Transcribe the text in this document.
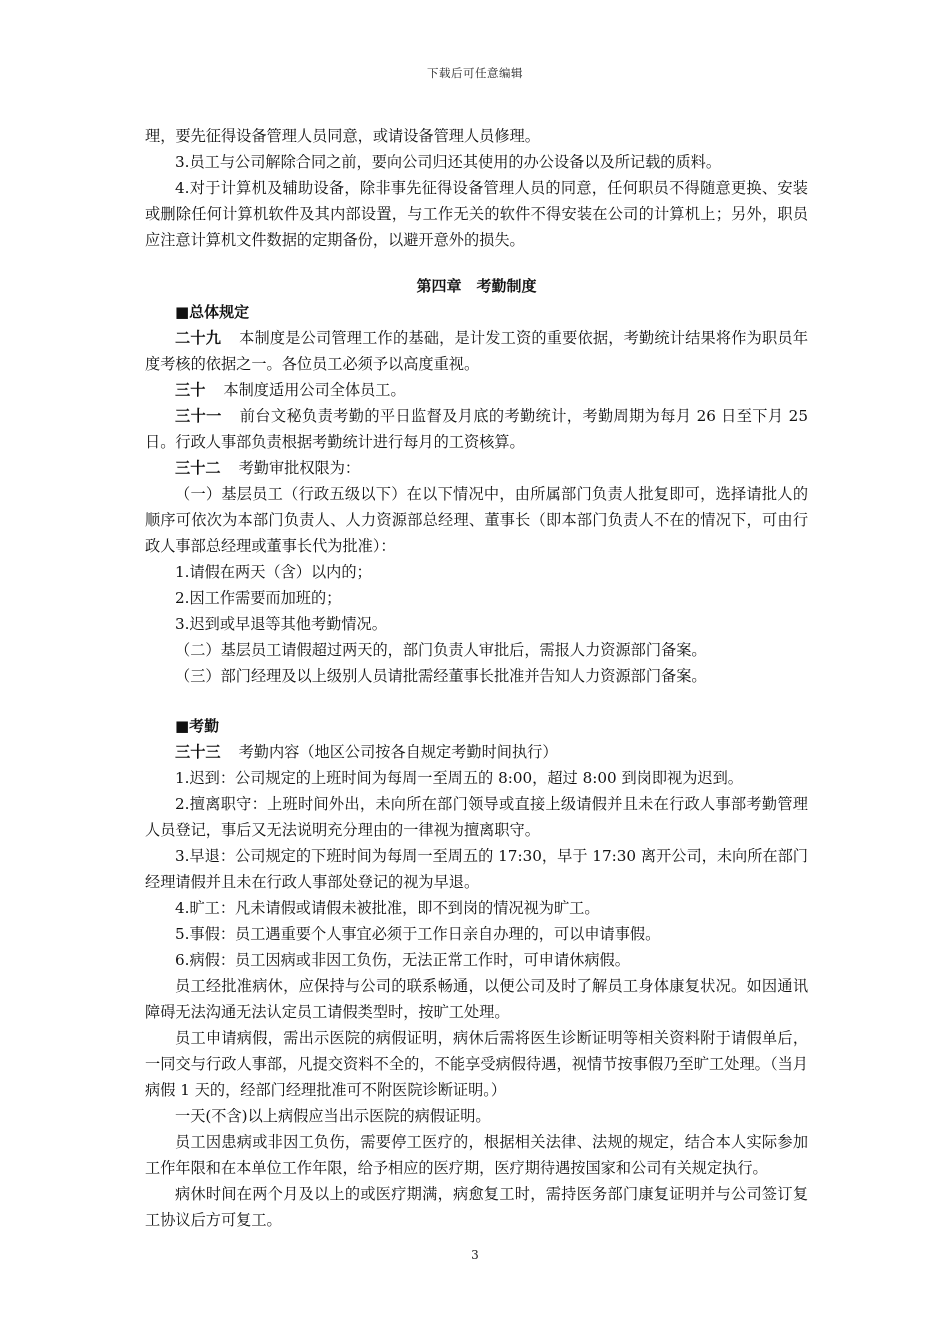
下载后可任意编辑

理，要先征得设备管理人员同意，或请设备管理人员修理。

3.员工与公司解除合同之前，要向公司归还其使用的办公设备以及所记载的质料。

4.对于计算机及辅助设备，除非事先征得设备管理人员的同意，任何职员不得随意更换、安装或删除任何计算机软件及其内部设置，与工作无关的软件不得安装在公司的计算机上；另外，职员应注意计算机文件数据的定期备份，以避开意外的损失。

第四章　考勤制度

■总体规定

二十九 本制度是公司管理工作的基础，是计发工资的重要依据，考勤统计结果将作为职员年度考核的依据之一。各位员工必须予以高度重视。

三十 本制度适用公司全体员工。

三十一 前台文秘负责考勤的平日监督及月底的考勤统计，考勤周期为每月 26 日至下月 25 日。行政人事部负责根据考勤统计进行每月的工资核算。

三十二 考勤审批权限为：

（一）基层员工（行政五级以下）在以下情况中，由所属部门负责人批复即可，选择请批人的顺序可依次为本部门负责人、人力资源部总经理、董事长（即本部门负责人不在的情况下，可由行政人事部总经理或董事长代为批准）：

1.请假在两天（含）以内的；

2.因工作需要而加班的；

3.迟到或早退等其他考勤情况。

（二）基层员工请假超过两天的，部门负责人审批后，需报人力资源部门备案。

（三）部门经理及以上级别人员请批需经董事长批准并告知人力资源部门备案。

■考勤

三十三 考勤内容（地区公司按各自规定考勤时间执行）

1.迟到：公司规定的上班时间为每周一至周五的 8:00，超过 8:00 到岗即视为迟到。

2.擅离职守：上班时间外出，未向所在部门领导或直接上级请假并且未在行政人事部考勤管理人员登记，事后又无法说明充分理由的一律视为擅离职守。

3.早退：公司规定的下班时间为每周一至周五的 17:30，早于 17:30 离开公司，未向所在部门经理请假并且未在行政人事部处登记的视为早退。

4.旷工：凡未请假或请假未被批准，即不到岗的情况视为旷工。

5.事假：员工遇重要个人事宜必须于工作日亲自办理的，可以申请事假。

6.病假：员工因病或非因工负伤，无法正常工作时，可申请休病假。

员工经批准病休，应保持与公司的联系畅通，以便公司及时了解员工身体康复状况。如因通讯障碍无法沟通无法认定员工请假类型时，按旷工处理。

员工申请病假，需出示医院的病假证明，病休后需将医生诊断证明等相关资料附于请假单后，一同交与行政人事部，凡提交资料不全的，不能享受病假待遇，视情节按事假乃至旷工处理。（当月病假 1 天的，经部门经理批准可不附医院诊断证明。）

一天(不含)以上病假应当出示医院的病假证明。

员工因患病或非因工负伤，需要停工医疗的，根据相关法律、法规的规定，结合本人实际参加工作年限和在本单位工作年限，给予相应的医疗期，医疗期待遇按国家和公司有关规定执行。

病休时间在两个月及以上的或医疗期满，病愈复工时，需持医务部门康复证明并与公司签订复工协议后方可复工。

3
